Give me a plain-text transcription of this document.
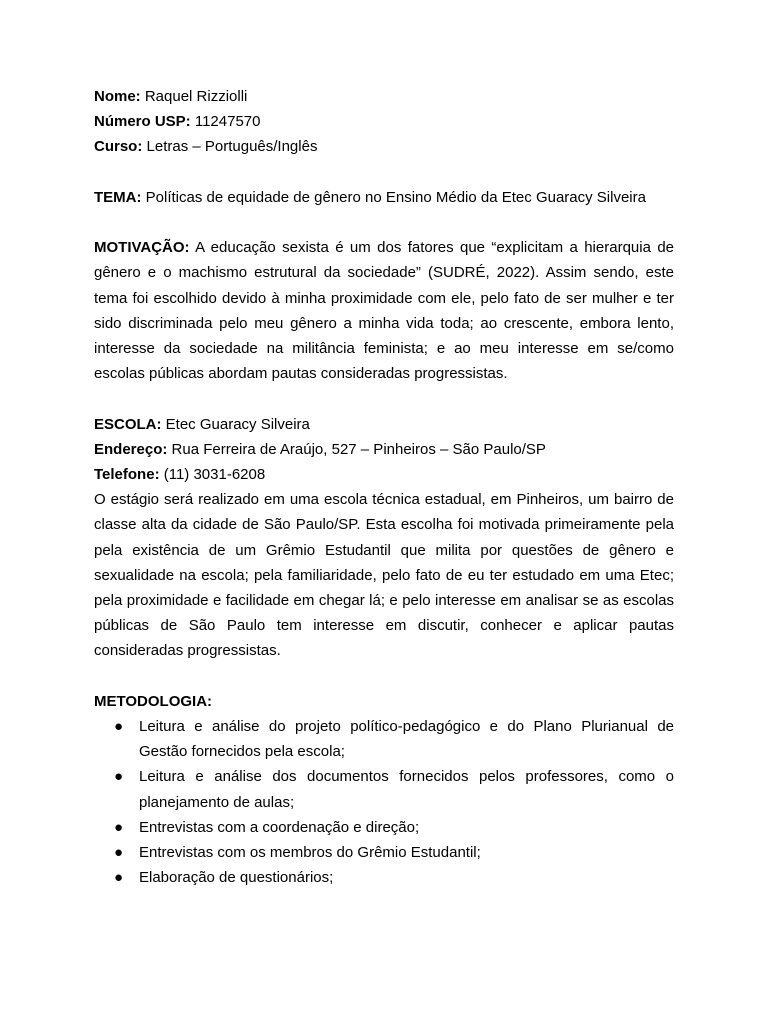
Nome: Raquel Rizziolli

Número USP: 11247570

Curso: Letras – Português/Inglês

TEMA: Políticas de equidade de gênero no Ensino Médio da Etec Guaracy Silveira

MOTIVAÇÃO: A educação sexista é um dos fatores que “explicitam a hierarquia de gênero e o machismo estrutural da sociedade” (SUDRÉ, 2022). Assim sendo, este tema foi escolhido devido à minha proximidade com ele, pelo fato de ser mulher e ter sido discriminada pelo meu gênero a minha vida toda; ao crescente, embora lento, interesse da sociedade na militância feminista; e ao meu interesse em se/como escolas públicas abordam pautas consideradas progressistas.

ESCOLA: Etec Guaracy Silveira

Endereço: Rua Ferreira de Araújo, 527 – Pinheiros – São Paulo/SP

Telefone: (11) 3031-6208

O estágio será realizado em uma escola técnica estadual, em Pinheiros, um bairro de classe alta da cidade de São Paulo/SP. Esta escolha foi motivada primeiramente pela pela existência de um Grêmio Estudantil que milita por questões de gênero e sexualidade na escola; pela familiaridade, pelo fato de eu ter estudado em uma Etec; pela proximidade e facilidade em chegar lá; e pelo interesse em analisar se as escolas públicas de São Paulo tem interesse em discutir, conhecer e aplicar pautas consideradas progressistas.

METODOLOGIA:

● Leitura e análise do projeto político-pedagógico e do Plano Plurianual de Gestão fornecidos pela escola;
● Leitura e análise dos documentos fornecidos pelos professores, como o planejamento de aulas;
● Entrevistas com a coordenação e direção;
● Entrevistas com os membros do Grêmio Estudantil;
● Elaboração de questionários;
